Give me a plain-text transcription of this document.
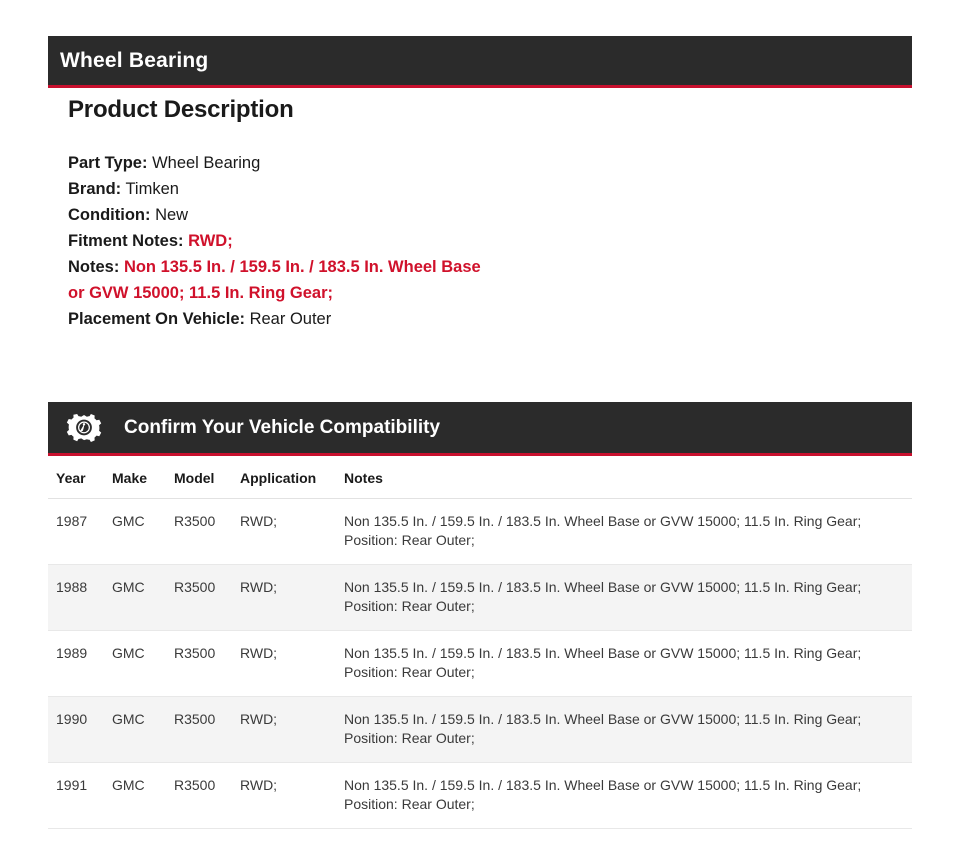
Wheel Bearing
Product Description

Part Type: Wheel Bearing

Brand: Timken

Condition: New

Fitment Notes: RWD;

Notes: Non 135.5 In. / 159.5 In. / 183.5 In. Wheel Base or GVW 15000; 11.5 In. Ring Gear;

Placement On Vehicle: Rear Outer

Confirm Your Vehicle Compatibility
Year	Make	Model	Application	Notes
1987	GMC	R3500	RWD;	Non 135.5 In. / 159.5 In. / 183.5 In. Wheel Base or GVW 15000; 11.5 In. Ring Gear; Position: Rear Outer;
1988	GMC	R3500	RWD;	Non 135.5 In. / 159.5 In. / 183.5 In. Wheel Base or GVW 15000; 11.5 In. Ring Gear; Position: Rear Outer;
1989	GMC	R3500	RWD;	Non 135.5 In. / 159.5 In. / 183.5 In. Wheel Base or GVW 15000; 11.5 In. Ring Gear; Position: Rear Outer;
1990	GMC	R3500	RWD;	Non 135.5 In. / 159.5 In. / 183.5 In. Wheel Base or GVW 15000; 11.5 In. Ring Gear; Position: Rear Outer;
1991	GMC	R3500	RWD;	Non 135.5 In. / 159.5 In. / 183.5 In. Wheel Base or GVW 15000; 11.5 In. Ring Gear; Position: Rear Outer;
